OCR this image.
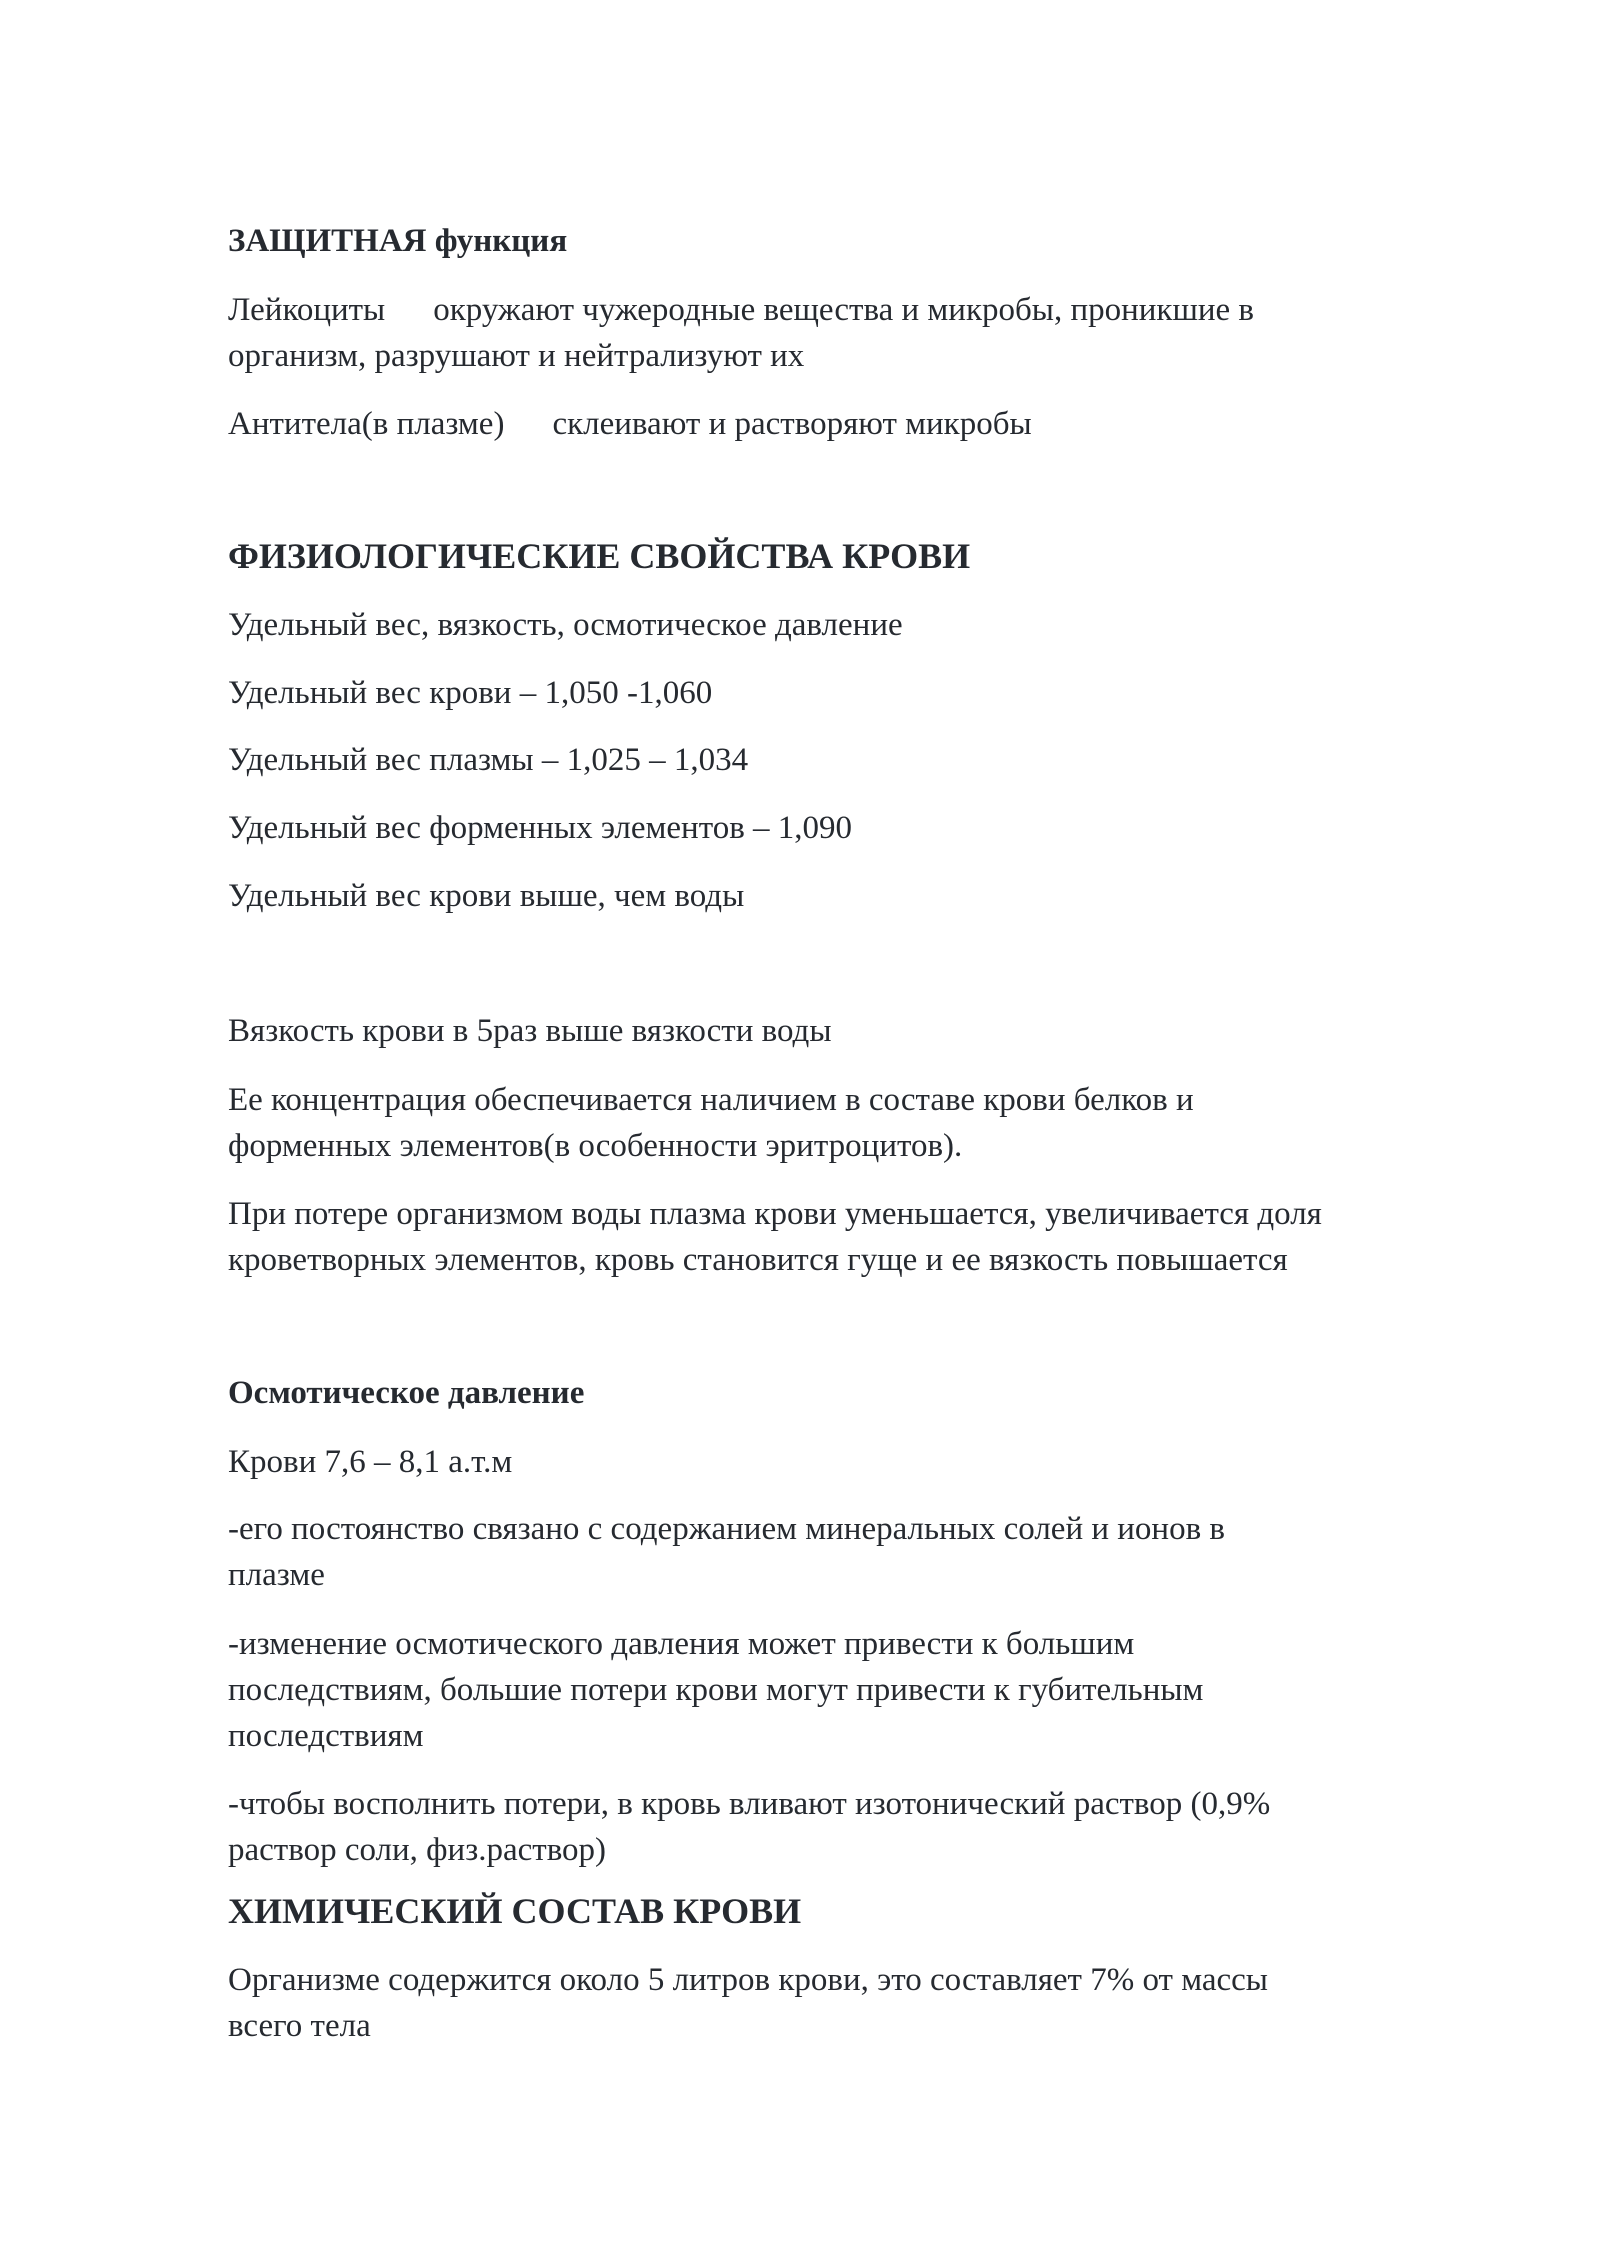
ЗАЩИТНАЯ функция
Лейкоциты окружают чужеродные вещества и микробы, проникшие в
организм, разрушают и нейтрализуют их
Антитела(в плазме) склеивают и растворяют микробы
ФИЗИОЛОГИЧЕСКИЕ СВОЙСТВА КРОВИ
Удельный вес, вязкость, осмотическое давление
Удельный вес крови – 1,050 -1,060
Удельный вес плазмы – 1,025 – 1,034
Удельный вес форменных элементов – 1,090
Удельный вес крови выше, чем воды
Вязкость крови в 5раз выше вязкости воды
Ее концентрация обеспечивается наличием в составе крови белков и
форменных элементов(в особенности эритроцитов).
При потере организмом воды плазма крови уменьшается, увеличивается доля
кроветворных элементов, кровь становится гуще и ее вязкость повышается
Осмотическое давление
Крови 7,6 – 8,1 а.т.м
-его постоянство связано с содержанием минеральных солей и ионов в
плазме
-изменение осмотического давления может привести к большим
последствиям, большие потери крови могут привести к губительным
последствиям
-чтобы восполнить потери, в кровь вливают изотонический раствор (0,9%
раствор соли, физ.раствор)
ХИМИЧЕСКИЙ СОСТАВ КРОВИ
Организме содержится около 5 литров крови, это составляет 7% от массы
всего тела
